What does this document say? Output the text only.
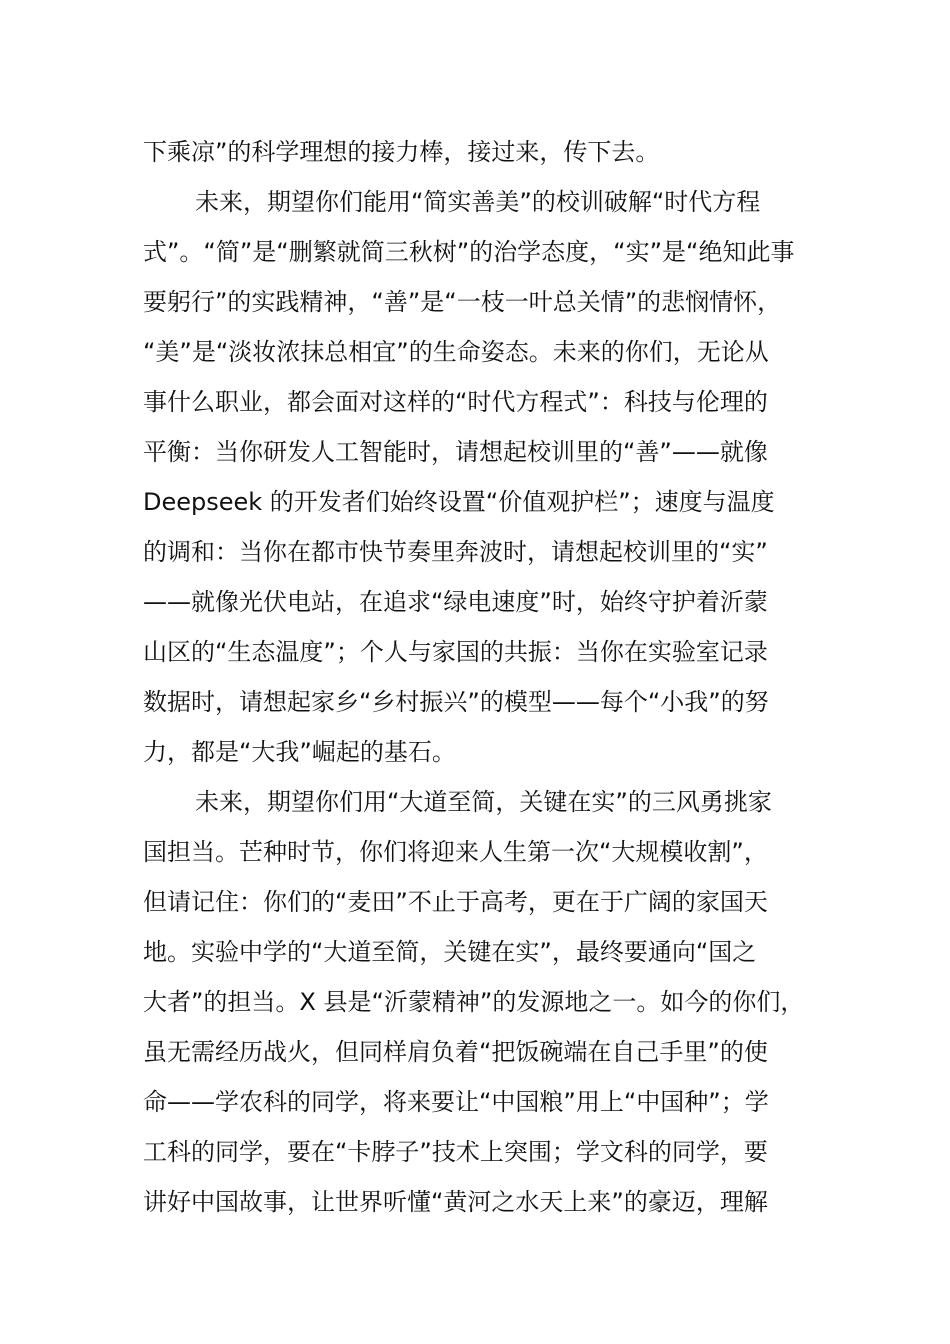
下乘凉”的科学理想的接力棒，接过来，传下去。
未来，期望你们能用“简实善美”的校训破解“时代方程
式”。“简”是“删繁就简三秋树”的治学态度，“实”是“绝知此事
要躬行”的实践精神，“善”是“一枝一叶总关情”的悲悯情怀，
“美”是“淡妆浓抹总相宜”的生命姿态。未来的你们，无论从
事什么职业，都会面对这样的“时代方程式”：科技与伦理的
平衡：当你研发人工智能时，请想起校训里的“善”——就像
Deepseek 的开发者们始终设置“价值观护栏”；速度与温度
的调和：当你在都市快节奏里奔波时，请想起校训里的“实”
——就像光伏电站，在追求“绿电速度”时，始终守护着沂蒙
山区的“生态温度”；个人与家国的共振：当你在实验室记录
数据时，请想起家乡“乡村振兴”的模型——每个“小我”的努
力，都是“大我”崛起的基石。
未来，期望你们用“大道至简，关键在实”的三风勇挑家
国担当。芒种时节，你们将迎来人生第一次“大规模收割”，
但请记住：你们的“麦田”不止于高考，更在于广阔的家国天
地。实验中学的“大道至简，关键在实”，最终要通向“国之
大者”的担当。X 县是“沂蒙精神”的发源地之一。如今的你们，
虽无需经历战火，但同样肩负着“把饭碗端在自己手里”的使
命——学农科的同学，将来要让“中国粮”用上“中国种”；学
工科的同学，要在“卡脖子”技术上突围；学文科的同学，要
讲好中国故事，让世界听懂“黄河之水天上来”的豪迈，理解
